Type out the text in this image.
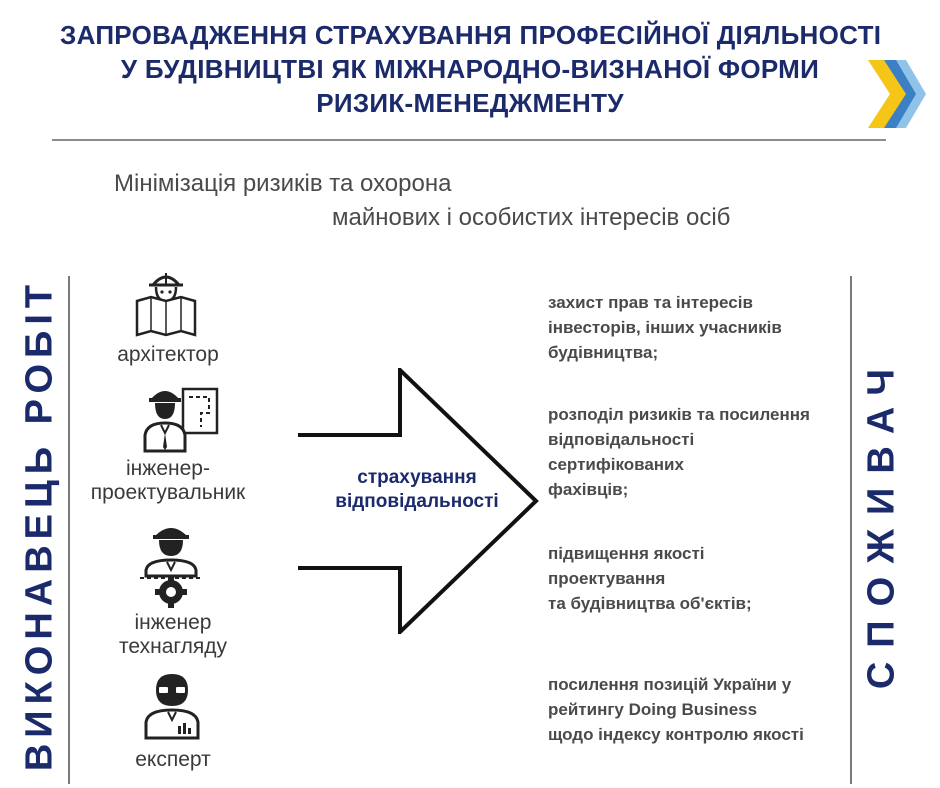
ЗАПРОВАДЖЕННЯ СТРАХУВАННЯ ПРОФЕСІЙНОЇ ДІЯЛЬНОСТІ
У БУДІВНИЦТВІ ЯК МІЖНАРОДНО-ВИЗНАНОЇ ФОРМИ
РИЗИК-МЕНЕДЖМЕНТУ
Мінімізація ризиків та охорона
майнових і особистих інтересів осіб
ВИКОНАВЕЦЬ РОБІТ	СПОЖИВАЧ
архітектор
інженер-
проектувальник
інженер
технагляду
експерт
страхування
відповідальності
захист прав та інтересів
інвесторів, інших учасників
будівництва;
розподіл ризиків та посилення
відповідальності
сертифікованих
фахівців;
підвищення якості
проектування
та будівництва об'єктів;
посилення позицій України у
рейтингу Doing Business
щодо індексу контролю якості
